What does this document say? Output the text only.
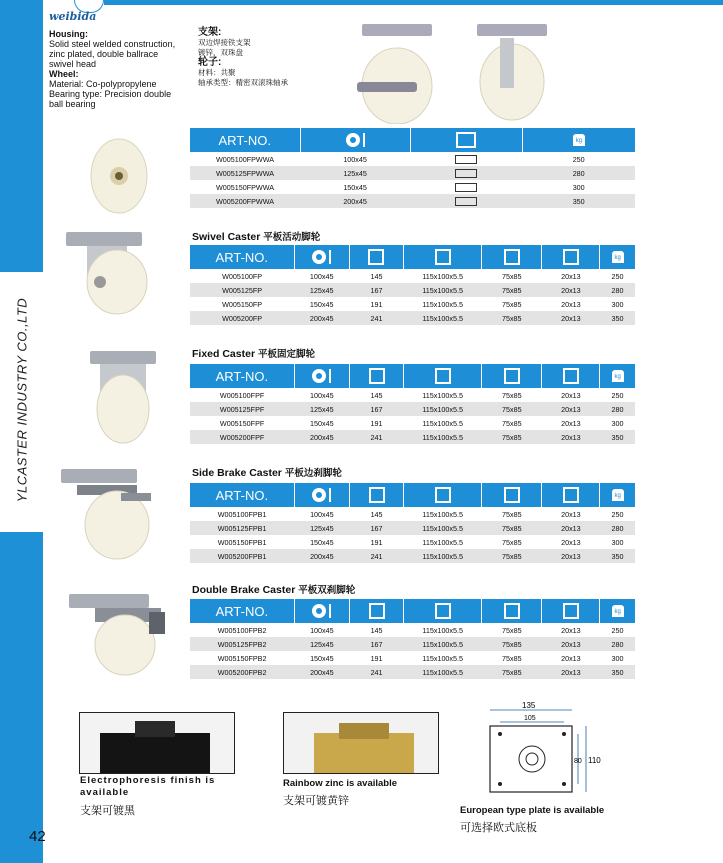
YLCASTER INDUSTRY CO.,LTD
42
weibida
Housing:
Solid steel welded construction,
zinc plated, double ballrace
swivel head
Wheel:
Material: Co-polypropylene
Bearing type: Precision double
ball bearing
支架:
双边焊接铁支架
镀锌，双珠盘
轮子:
材料：共聚
轴承类型：精密双滚珠轴承
ART-NO.			kg
W005100FPWWA	100x45		250
W005125FPWWA	125x45		280
W005150FPWWA	150x45		300
W005200FPWWA	200x45		350
Swivel Caster 平板活动脚轮
Fixed Caster 平板固定脚轮
Side Brake Caster 平板边刹脚轮
Double Brake Caster 平板双刹脚轮
ART-NO.						kg
W005100FP	100x45	145	115x100x5.5	75x85	20x13	250
W005125FP	125x45	167	115x100x5.5	75x85	20x13	280
W005150FP	150x45	191	115x100x5.5	75x85	20x13	300
W005200FP	200x45	241	115x100x5.5	75x85	20x13	350
ART-NO.						kg
W005100FPF	100x45	145	115x100x5.5	75x85	20x13	250
W005125FPF	125x45	167	115x100x5.5	75x85	20x13	280
W005150FPF	150x45	191	115x100x5.5	75x85	20x13	300
W005200FPF	200x45	241	115x100x5.5	75x85	20x13	350
ART-NO.						kg
W005100FPB1	100x45	145	115x100x5.5	75x85	20x13	250
W005125FPB1	125x45	167	115x100x5.5	75x85	20x13	280
W005150FPB1	150x45	191	115x100x5.5	75x85	20x13	300
W005200FPB1	200x45	241	115x100x5.5	75x85	20x13	350
ART-NO.						kg
W005100FPB2	100x45	145	115x100x5.5	75x85	20x13	250
W005125FPB2	125x45	167	115x100x5.5	75x85	20x13	280
W005150FPB2	150x45	191	115x100x5.5	75x85	20x13	300
W005200FPB2	200x45	241	115x100x5.5	75x85	20x13	350
Electrophoresis finish is available
支架可镀黑
Rainbow zinc is available
支架可镀黄锌
135
105
80 110
European type plate is available
可选择欧式底板
